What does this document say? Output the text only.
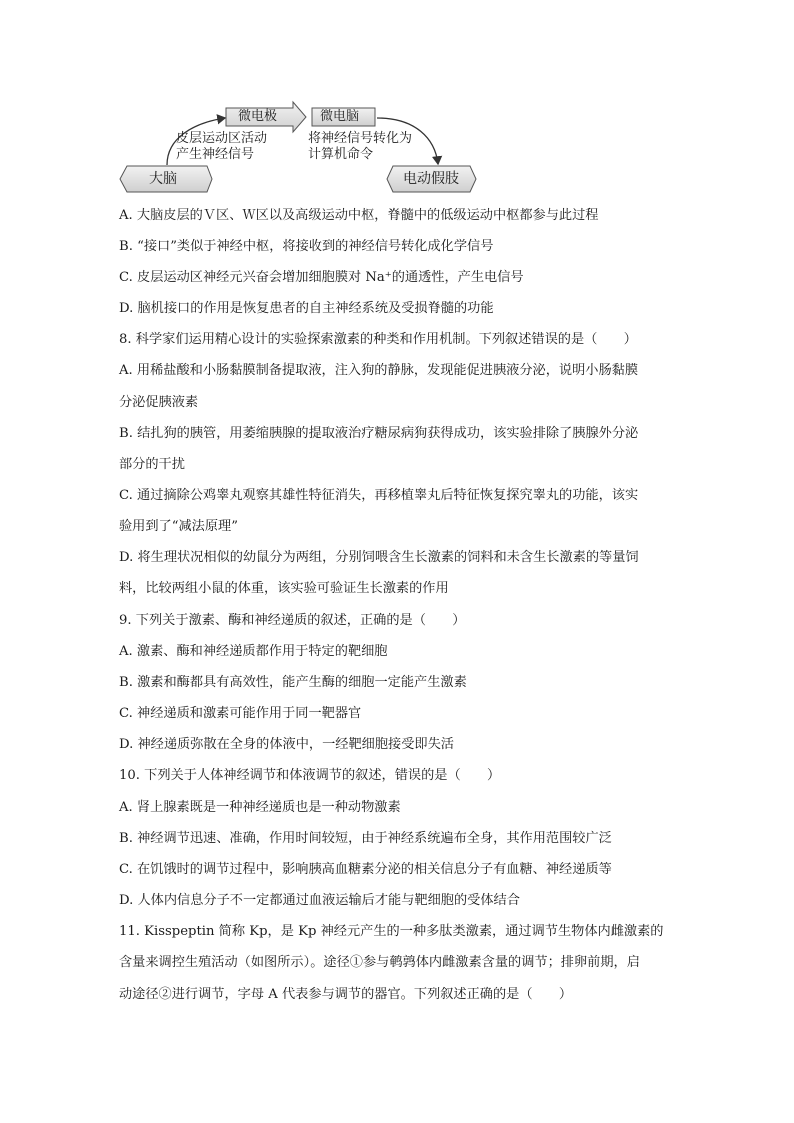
大脑
微电极	微电脑
电动假肢
皮层运动区活动
产生神经信号
将神经信号转化为
计算机命令
A. 大脑皮层的Ｖ区、Ｗ区以及高级运动中枢，脊髓中的低级运动中枢都参与此过程
B. “接口”类似于神经中枢，将接收到的神经信号转化成化学信号
C. 皮层运动区神经元兴奋会增加细胞膜对 Na⁺的通透性，产生电信号
D. 脑机接口的作用是恢复患者的自主神经系统及受损脊髓的功能
8. 科学家们运用精心设计的实验探索激素的种类和作用机制。下列叙述错误的是（　　）
A. 用稀盐酸和小肠黏膜制备提取液，注入狗的静脉，发现能促进胰液分泌，说明小肠黏膜
分泌促胰液素
B. 结扎狗的胰管，用萎缩胰腺的提取液治疗糖尿病狗获得成功，该实验排除了胰腺外分泌
部分的干扰
C. 通过摘除公鸡睾丸观察其雄性特征消失，再移植睾丸后特征恢复探究睾丸的功能，该实
验用到了“减法原理”
D. 将生理状况相似的幼鼠分为两组，分别饲喂含生长激素的饲料和未含生长激素的等量饲
料，比较两组小鼠的体重，该实验可验证生长激素的作用
9. 下列关于激素、酶和神经递质的叙述，正确的是（　　）
A. 激素、酶和神经递质都作用于特定的靶细胞
B. 激素和酶都具有高效性，能产生酶的细胞一定能产生激素
C. 神经递质和激素可能作用于同一靶器官
D. 神经递质弥散在全身的体液中，一经靶细胞接受即失活
10. 下列关于人体神经调节和体液调节的叙述，错误的是（　　）
A. 肾上腺素既是一种神经递质也是一种动物激素
B. 神经调节迅速、准确，作用时间较短，由于神经系统遍布全身，其作用范围较广泛
C. 在饥饿时的调节过程中，影响胰高血糖素分泌的相关信息分子有血糖、神经递质等
D. 人体内信息分子不一定都通过血液运输后才能与靶细胞的受体结合
11. Kisspeptin 简称 Kp，是 Kp 神经元产生的一种多肽类激素，通过调节生物体内雌激素的
含量来调控生殖活动（如图所示）。途径①参与鹌鹑体内雌激素含量的调节；排卵前期，启
动途径②进行调节，字母 A 代表参与调节的器官。下列叙述正确的是（　　）
